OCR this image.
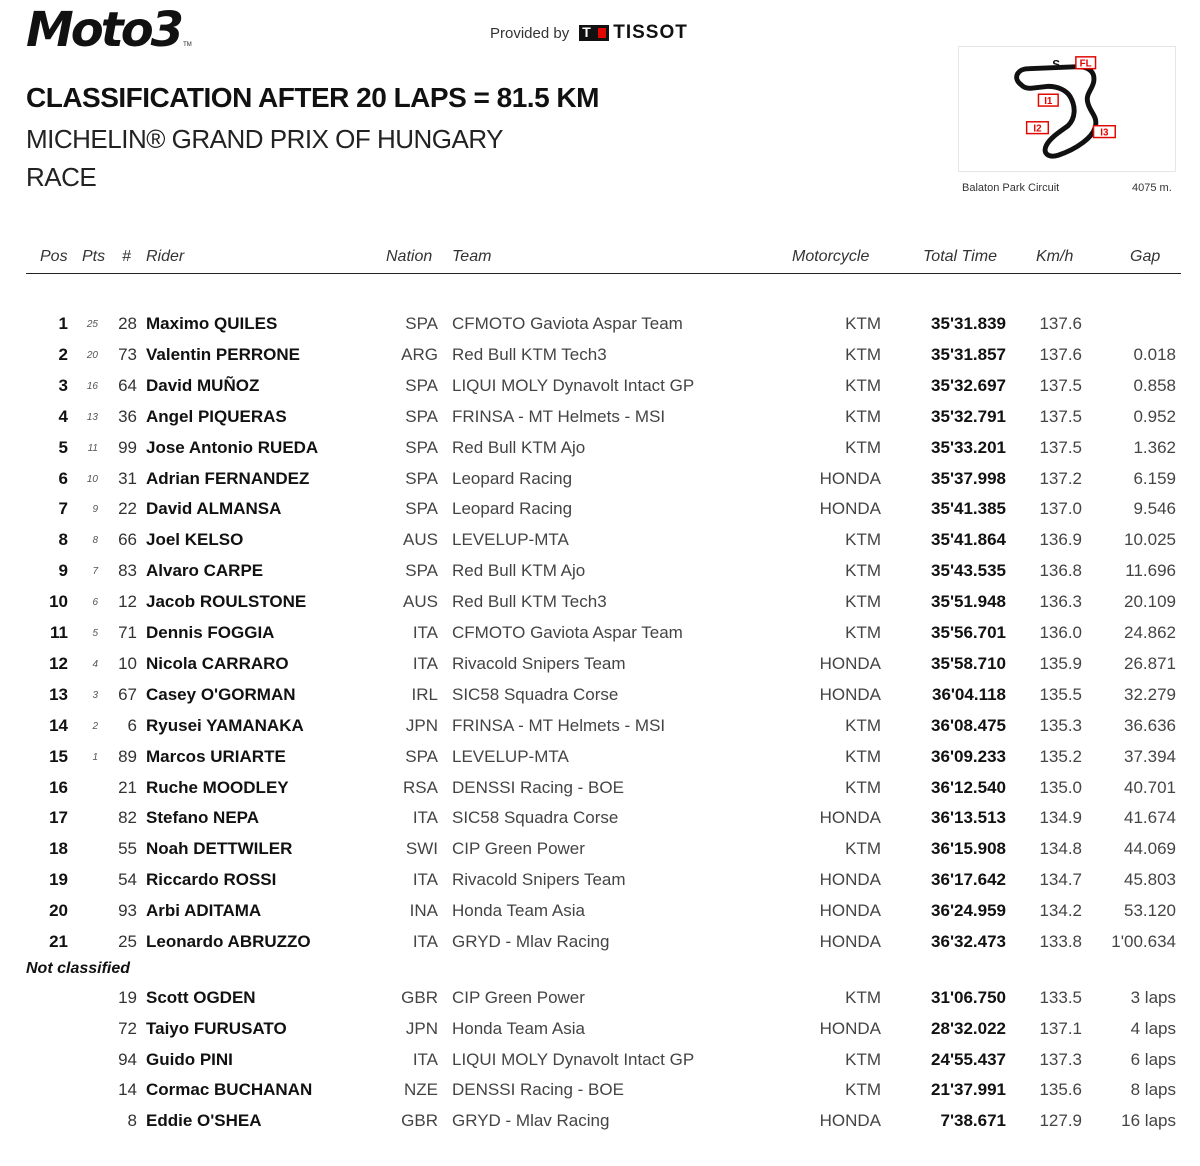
Moto3 TM
Provided by
T TISSOT
CLASSIFICATION AFTER 20 LAPS = 81.5 KM
MICHELIN® GRAND PRIX OF HUNGARY
RACE
FL
S
I1
I2	I3
Balaton Park Circuit	4075 m.
Pos Pts # Rider	Nation Team	Motorcycle	Total Time Km/h	Gap
1	25	28 Maximo QUILES	SPA CFMOTO Gaviota Aspar Team	KTM	35'31.839	137.6
2	20	73 Valentin PERRONE	ARG Red Bull KTM Tech3	KTM	35'31.857	137.6	0.018
3	16	64 David MUÑOZ	SPA LIQUI MOLY Dynavolt Intact GP	KTM	35'32.697	137.5	0.858
4	13	36 Angel PIQUERAS	SPA FRINSA - MT Helmets - MSI	KTM	35'32.791	137.5	0.952
5	11	99 Jose Antonio RUEDA	SPA Red Bull KTM Ajo	KTM	35'33.201	137.5	1.362
6	10	31 Adrian FERNANDEZ	SPA Leopard Racing	HONDA	35'37.998	137.2	6.159
7	9	22 David ALMANSA	SPA Leopard Racing	HONDA	35'41.385	137.0	9.546
8	8	66 Joel KELSO	AUS LEVELUP-MTA	KTM	35'41.864	136.9	10.025
9	7	83 Alvaro CARPE	SPA Red Bull KTM Ajo	KTM	35'43.535	136.8	11.696
10	6	12 Jacob ROULSTONE	AUS Red Bull KTM Tech3	KTM	35'51.948	136.3	20.109
11	5	71 Dennis FOGGIA	ITA CFMOTO Gaviota Aspar Team	KTM	35'56.701	136.0	24.862
12	4	10 Nicola CARRARO	ITA Rivacold Snipers Team	HONDA	35'58.710	135.9	26.871
13	3	67 Casey O'GORMAN	IRL SIC58 Squadra Corse	HONDA	36'04.118	135.5	32.279
14	2	6 Ryusei YAMANAKA	JPN FRINSA - MT Helmets - MSI	KTM	36'08.475	135.3	36.636
15	1	89 Marcos URIARTE	SPA LEVELUP-MTA	KTM	36'09.233	135.2	37.394
16	21 Ruche MOODLEY	RSA DENSSI Racing - BOE	KTM	36'12.540	135.0	40.701
17	82 Stefano NEPA	ITA SIC58 Squadra Corse	HONDA	36'13.513	134.9	41.674
18	55 Noah DETTWILER	SWI CIP Green Power	KTM	36'15.908	134.8	44.069
19	54 Riccardo ROSSI	ITA Rivacold Snipers Team	HONDA	36'17.642	134.7	45.803
20	93 Arbi ADITAMA	INA Honda Team Asia	HONDA	36'24.959	134.2	53.120
21	25 Leonardo ABRUZZO	ITA GRYD - Mlav Racing	HONDA	36'32.473	133.8	1'00.634
19 Scott OGDEN	GBR CIP Green Power	KTM	31'06.750	133.5	3 laps
72 Taiyo FURUSATO	JPN Honda Team Asia	HONDA	28'32.022	137.1	4 laps
94 Guido PINI	ITA LIQUI MOLY Dynavolt Intact GP	KTM	24'55.437	137.3	6 laps
14 Cormac BUCHANAN	NZE DENSSI Racing - BOE	KTM	21'37.991	135.6	8 laps
8 Eddie O'SHEA	GBR GRYD - Mlav Racing	HONDA	7'38.671	127.9	16 laps
Not classified
